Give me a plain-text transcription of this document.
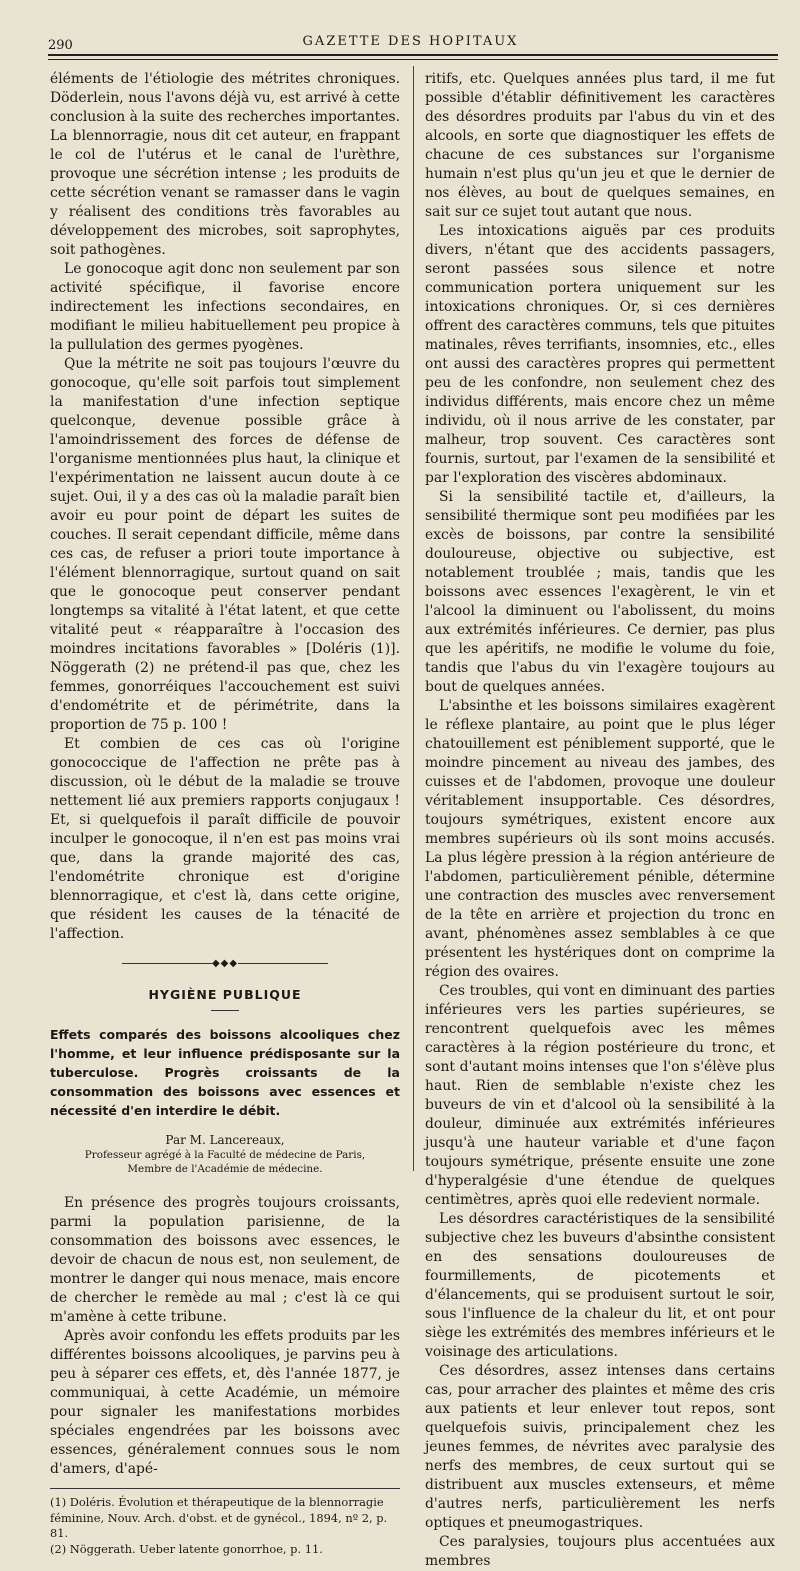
290	GAZETTE DES HOPITAUX

éléments de l'étiologie des métrites chroniques. Döderlein, nous l'avons déjà vu, est arrivé à cette conclusion à la suite des recherches importantes. La blennorragie, nous dit cet auteur, en frappant le col de l'utérus et le canal de l'urèthre, provoque une sécrétion intense ; les produits de cette sécrétion venant se ramasser dans le vagin y réalisent des conditions très favorables au développement des microbes, soit saprophytes, soit pathogènes.

Le gonocoque agit donc non seulement par son activité spécifique, il favorise encore indirectement les infections secondaires, en modifiant le milieu habituellement peu propice à la pullulation des germes pyogènes.

Que la métrite ne soit pas toujours l'œuvre du gonocoque, qu'elle soit parfois tout simplement la manifestation d'une infection septique quelconque, devenue possible grâce à l'amoindrissement des forces de défense de l'organisme mentionnées plus haut, la clinique et l'expérimentation ne laissent aucun doute à ce sujet. Oui, il y a des cas où la maladie paraît bien avoir eu pour point de départ les suites de couches. Il serait cependant difficile, même dans ces cas, de refuser a priori toute importance à l'élément blennorragique, surtout quand on sait que le gonocoque peut conserver pendant longtemps sa vitalité à l'état latent, et que cette vitalité peut « réapparaître à l'occasion des moindres incitations favorables » [Doléris (1)]. Nöggerath (2) ne prétend-il pas que, chez les femmes, gonorréiques l'accouchement est suivi d'endométrite et de périmétrite, dans la proportion de 75 p. 100 !

Et combien de ces cas où l'origine gonococcique de l'affection ne prête pas à discussion, où le début de la maladie se trouve nettement lié aux premiers rapports conjugaux ! Et, si quelquefois il paraît difficile de pouvoir inculper le gonocoque, il n'en est pas moins vrai que, dans la grande majorité des cas, l'endométrite chronique est d'origine blennorragique, et c'est là, dans cette origine, que résident les causes de la ténacité de l'affection.

◆◆◆
HYGIÈNE PUBLIQUE
Effets comparés des boissons alcooliques chez l'homme, et leur influence prédisposante sur la tuberculose. Progrès croissants de la consommation des boissons avec essences et nécessité d'en interdire le débit.
Par M. Lancereaux,
Professeur agrégé à la Faculté de médecine de Paris,
Membre de l'Académie de médecine.

En présence des progrès toujours croissants, parmi la population parisienne, de la consommation des boissons avec essences, le devoir de chacun de nous est, non seulement, de montrer le danger qui nous menace, mais encore de chercher le remède au mal ; c'est là ce qui m'amène à cette tribune.

Après avoir confondu les effets produits par les différentes boissons alcooliques, je parvins peu à peu à séparer ces effets, et, dès l'année 1877, je communiquai, à cette Académie, un mémoire pour signaler les manifestations morbides spéciales engendrées par les boissons avec essences, généralement connues sous le nom d'amers, d'apé-

(1) Doléris. Évolution et thérapeutique de la blennorragie féminine, Nouv. Arch. d'obst. et de gynécol., 1894, nº 2, p. 81.

(2) Nöggerath. Ueber latente gonorrhoe, p. 11.

ritifs, etc. Quelques années plus tard, il me fut possible d'établir définitivement les caractères des désordres produits par l'abus du vin et des alcools, en sorte que diagnostiquer les effets de chacune de ces substances sur l'organisme humain n'est plus qu'un jeu et que le dernier de nos élèves, au bout de quelques semaines, en sait sur ce sujet tout autant que nous.

Les intoxications aiguës par ces produits divers, n'étant que des accidents passagers, seront passées sous silence et notre communication portera uniquement sur les intoxications chroniques. Or, si ces dernières offrent des caractères communs, tels que pituites matinales, rêves terrifiants, insomnies, etc., elles ont aussi des caractères propres qui permettent peu de les confondre, non seulement chez des individus différents, mais encore chez un même individu, où il nous arrive de les constater, par malheur, trop souvent. Ces caractères sont fournis, surtout, par l'examen de la sensibilité et par l'exploration des viscères abdominaux.

Si la sensibilité tactile et, d'ailleurs, la sensibilité thermique sont peu modifiées par les excès de boissons, par contre la sensibilité douloureuse, objective ou subjective, est notablement troublée ; mais, tandis que les boissons avec essences l'exagèrent, le vin et l'alcool la diminuent ou l'abolissent, du moins aux extrémités inférieures. Ce dernier, pas plus que les apéritifs, ne modifie le volume du foie, tandis que l'abus du vin l'exagère toujours au bout de quelques années.

L'absinthe et les boissons similaires exagèrent le réflexe plantaire, au point que le plus léger chatouillement est péniblement supporté, que le moindre pincement au niveau des jambes, des cuisses et de l'abdomen, provoque une douleur véritablement insupportable. Ces désordres, toujours symétriques, existent encore aux membres supérieurs où ils sont moins accusés. La plus légère pression à la région antérieure de l'abdomen, particulièrement pénible, détermine une contraction des muscles avec renversement de la tête en arrière et projection du tronc en avant, phénomènes assez semblables à ce que présentent les hystériques dont on comprime la région des ovaires.

Ces troubles, qui vont en diminuant des parties inférieures vers les parties supérieures, se rencontrent quelquefois avec les mêmes caractères à la région postérieure du tronc, et sont d'autant moins intenses que l'on s'élève plus haut. Rien de semblable n'existe chez les buveurs de vin et d'alcool où la sensibilité à la douleur, diminuée aux extrémités inférieures jusqu'à une hauteur variable et d'une façon toujours symétrique, présente ensuite une zone d'hyperalgésie d'une étendue de quelques centimètres, après quoi elle redevient normale.

Les désordres caractéristiques de la sensibilité subjective chez les buveurs d'absinthe consistent en des sensations douloureuses de fourmillements, de picotements et d'élancements, qui se produisent surtout le soir, sous l'influence de la chaleur du lit, et ont pour siège les extrémités des membres inférieurs et le voisinage des articulations.

Ces désordres, assez intenses dans certains cas, pour arracher des plaintes et même des cris aux patients et leur enlever tout repos, sont quelquefois suivis, principalement chez les jeunes femmes, de névrites avec paralysie des nerfs des membres, de ceux surtout qui se distribuent aux muscles extenseurs, et même d'autres nerfs, particulièrement les nerfs optiques et pneumogastriques.

Ces paralysies, toujours plus accentuées aux membres
